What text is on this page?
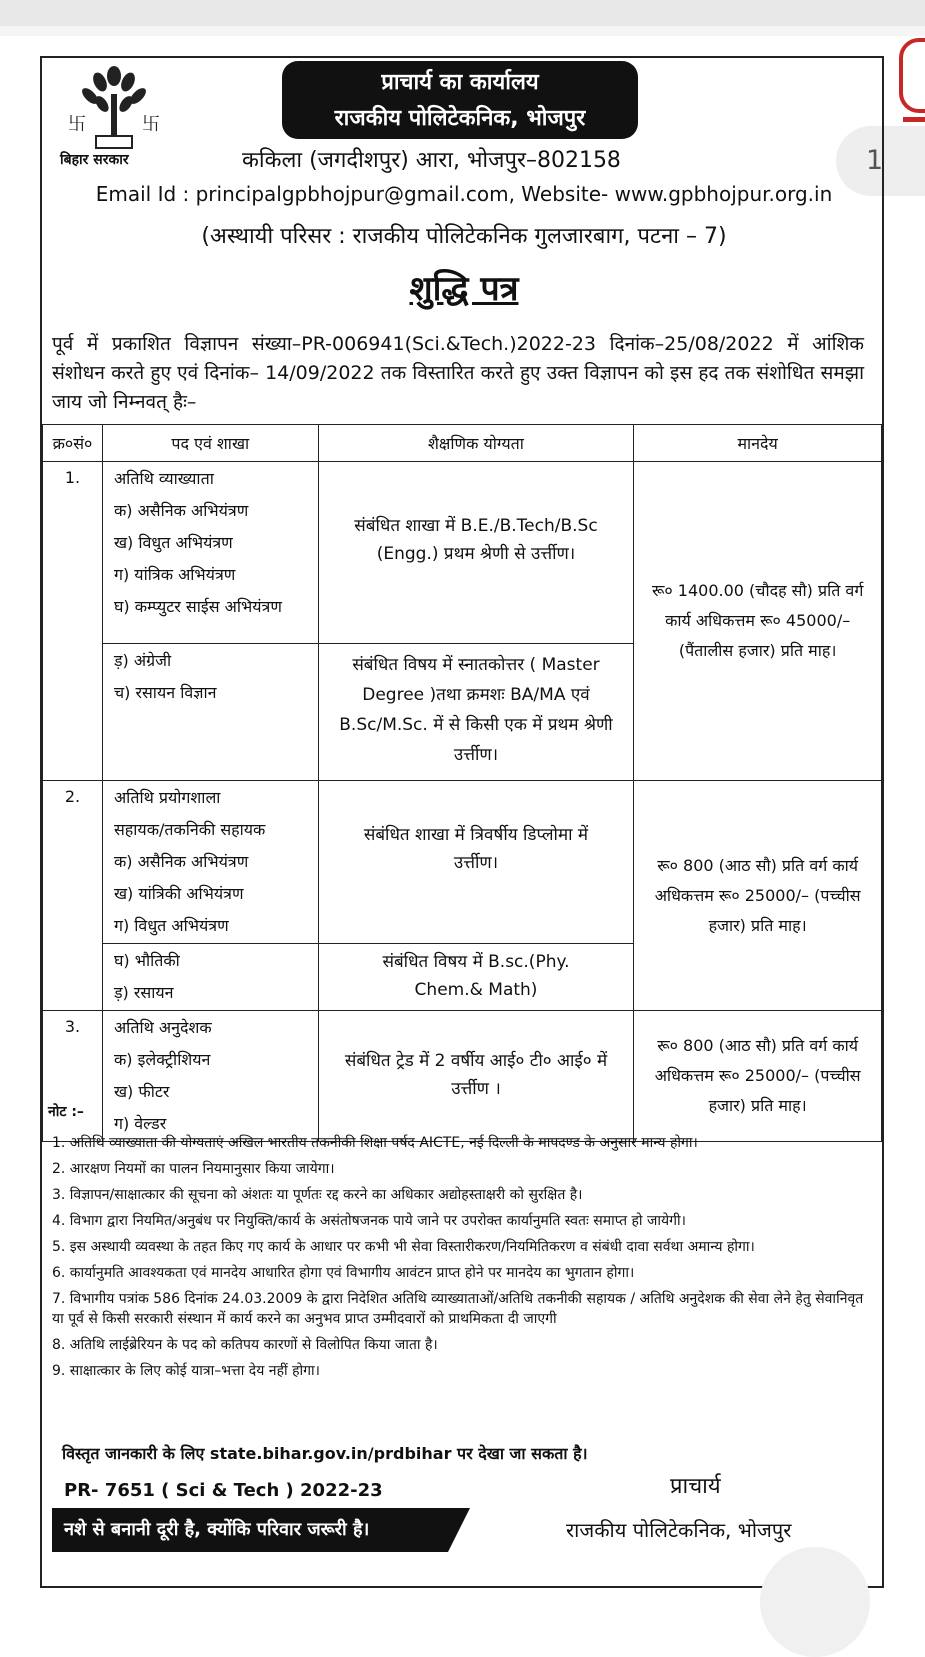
1
卐	卐
बिहार सरकार
प्राचार्य का कार्यालय
राजकीय पोलिटेकनिक, भोजपुर
ककिला (जगदीशपुर) आरा, भोजपुर–802158
Email Id : principalgpbhojpur@gmail.com, Website- www.gpbhojpur.org.in
(अस्थायी परिसर : राजकीय पोलिटेकनिक गुलजारबाग, पटना – 7)
शुद्धि पत्र
पूर्व में प्रकाशित विज्ञापन संख्या–PR-006941(Sci.&Tech.)2022-23 दिनांक–25/08/2022 में आंशिक संशोधन करते हुए एवं दिनांक– 14/09/2022 तक विस्तारित करते हुए उक्त विज्ञापन को इस हद तक संशोधित समझा जाय जो निम्नवत् हैः–
क्र०सं०	पद एवं शाखा	शैक्षणिक योग्यता	मानदेय
1.	अतिथि व्याख्याता
क) असैनिक अभियंत्रण
ख) विधुत अभियंत्रण
ग) यांत्रिक अभियंत्रण
घ) कम्प्युटर साईस अभियंत्रण	संबंधित शाखा में B.E./B.Tech/B.Sc (Engg.) प्रथम श्रेणी से उर्त्तीण।	रू० 1400.00 (चौदह सौ) प्रति वर्ग कार्य अधिकत्तम रू० 45000/– (पैंतालीस हजार) प्रति माह।

	ड़) अंग्रेजी
च) रसायन विज्ञान	संबंधित विषय में स्नातकोत्तर ( Master Degree )तथा क्रमशः BA/MA एवं B.Sc/M.Sc. में से किसी एक में प्रथम श्रेणी उर्त्तीण।	
2.	अतिथि प्रयोगशाला
सहायक/तकनिकी सहायक
क) असैनिक अभियंत्रण
ख) यांत्रिकी अभियंत्रण
ग) विधुत अभियंत्रण	संबंधित शाखा में त्रिवर्षीय डिप्लोमा में उर्त्तीण।	रू० 800 (आठ सौ) प्रति वर्ग कार्य अधिकत्तम रू० 25000/– (पच्चीस हजार) प्रति माह।

	घ) भौतिकी
ड़) रसायन	संबंधित विषय में B.sc.(Phy. Chem.& Math)	
3.	अतिथि अनुदेशक
क) इलेक्ट्रीशियन
ख) फीटर
ग) वेल्डर	संबंधित ट्रेड में 2 वर्षीय आई० टी० आई० में उर्त्तीण ।	रू० 800 (आठ सौ) प्रति वर्ग कार्य अधिकत्तम रू० 25000/– (पच्चीस हजार) प्रति माह।
नोट :–
1. अतिथि व्याख्याता की योग्यताएं अखिल भारतीय तकनीकी शिक्षा पर्षद AICTE, नई दिल्ली के मापदण्ड के अनुसार मान्य होगा।
2. आरक्षण नियमों का पालन नियमानुसार किया जायेगा।
3. विज्ञापन/साक्षात्कार की सूचना को अंशतः या पूर्णतः रद्द करने का अधिकार अद्योहस्ताक्षरी को सुरक्षित है।
4. विभाग द्वारा नियमित/अनुबंध पर नियुक्ति/कार्य के असंतोषजनक पाये जाने पर उपरोक्त कार्यानुमति स्वतः समाप्त हो जायेगी।
5. इस अस्थायी व्यवस्था के तहत किए गए कार्य के आधार पर कभी भी सेवा विस्तारीकरण/नियमितिकरण व संबंधी दावा सर्वथा अमान्य होगा।
6. कार्यानुमति आवश्यकता एवं मानदेय आधारित होगा एवं विभागीय आवंटन प्राप्त होने पर मानदेय का भुगतान होगा।
7. विभागीय पत्रांक 586 दिनांक 24.03.2009 के द्वारा निदेशित अतिथि व्याख्याताओं/अतिथि तकनीकी सहायक / अतिथि अनुदेशक की सेवा लेने हेतु सेवानिवृत या पूर्व से किसी सरकारी संस्थान में कार्य करने का अनुभव प्राप्त उम्मीदवारों को प्राथमिकता दी जाएगी
8. अतिथि लाईब्रेरियन के पद को कतिपय कारणों से विलोपित किया जाता है।
9. साक्षात्कार के लिए कोई यात्रा–भत्ता देय नहीं होगा।
विस्तृत जानकारी के लिए state.bihar.gov.in/prdbihar पर देखा जा सकता है।
PR- 7651 ( Sci & Tech ) 2022-23
नशे से बनानी दूरी है, क्योंकि परिवार जरूरी है।
प्राचार्य
राजकीय पोलिटेकनिक, भोजपुर
